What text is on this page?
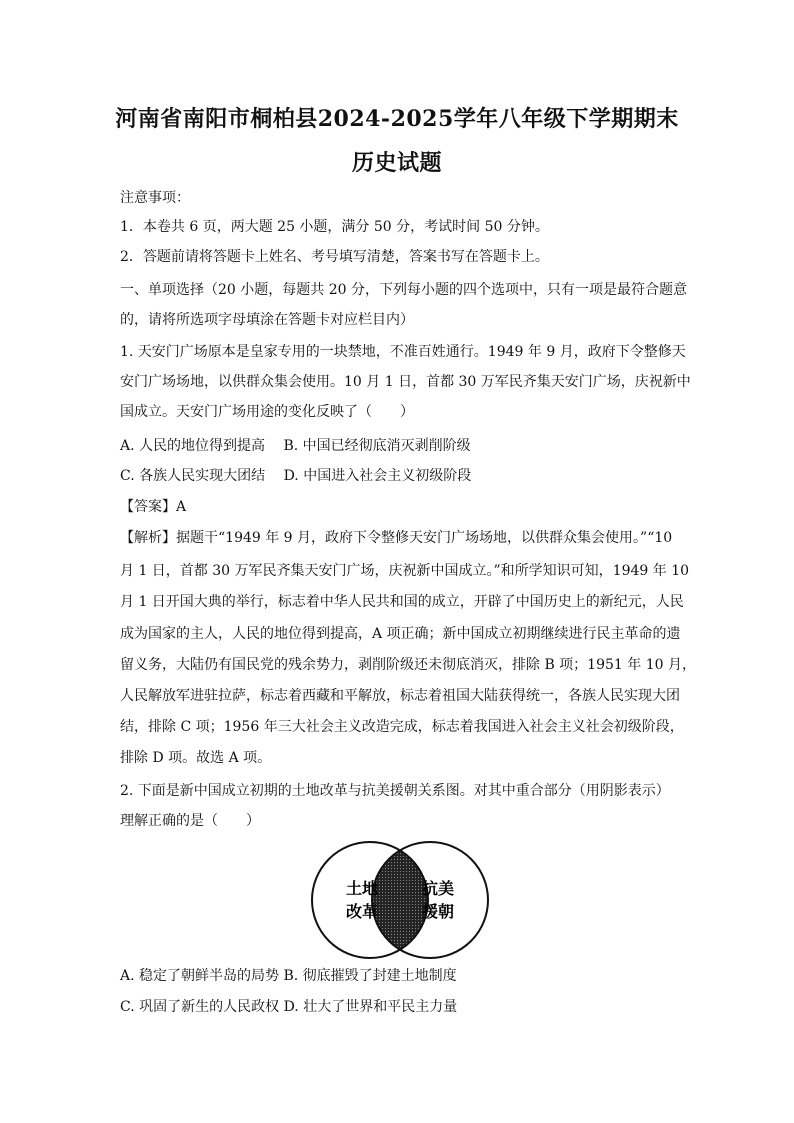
河南省南阳市桐柏县2024-2025学年八年级下学期期末
历史试题
注意事项：
1．本卷共 6 页，两大题 25 小题，满分 50 分，考试时间 50 分钟。
2．答题前请将答题卡上姓名、考号填写清楚，答案书写在答题卡上。
一、单项选择（20 小题，每题共 20 分，下列每小题的四个选项中，只有一项是最符合题意
的，请将所选项字母填涂在答题卡对应栏目内）
1. 天安门广场原本是皇家专用的一块禁地，不准百姓通行。1949 年 9 月，政府下令整修天
安门广场场地，以供群众集会使用。10 月 1 日，首都 30 万军民齐集天安门广场，庆祝新中
国成立。天安门广场用途的变化反映了（　　）
A. 人民的地位得到提高　 B. 中国已经彻底消灭剥削阶级
C. 各族人民实现大团结　 D. 中国进入社会主义初级阶段
【答案】A
【解析】据题干“1949 年 9 月，政府下令整修天安门广场场地，以供群众集会使用。”“10
月 1 日，首都 30 万军民齐集天安门广场，庆祝新中国成立。”和所学知识可知，1949 年 10
月 1 日开国大典的举行，标志着中华人民共和国的成立，开辟了中国历史上的新纪元，人民
成为国家的主人，人民的地位得到提高，A 项正确；新中国成立初期继续进行民主革命的遗
留义务，大陆仍有国民党的残余势力，剥削阶级还未彻底消灭，排除 B 项；1951 年 10 月，
人民解放军进驻拉萨，标志着西藏和平解放，标志着祖国大陆获得统一，各族人民实现大团
结，排除 C 项；1956 年三大社会主义改造完成，标志着我国进入社会主义社会初级阶段，
排除 D 项。故选 A 项。
2. 下面是新中国成立初期的土地改革与抗美援朝关系图。对其中重合部分（用阴影表示）
理解正确的是（　　）
土地
改革
抗美
援朝
A. 稳定了朝鲜半岛的局势 B. 彻底摧毁了封建土地制度
C. 巩固了新生的人民政权 D. 壮大了世界和平民主力量
